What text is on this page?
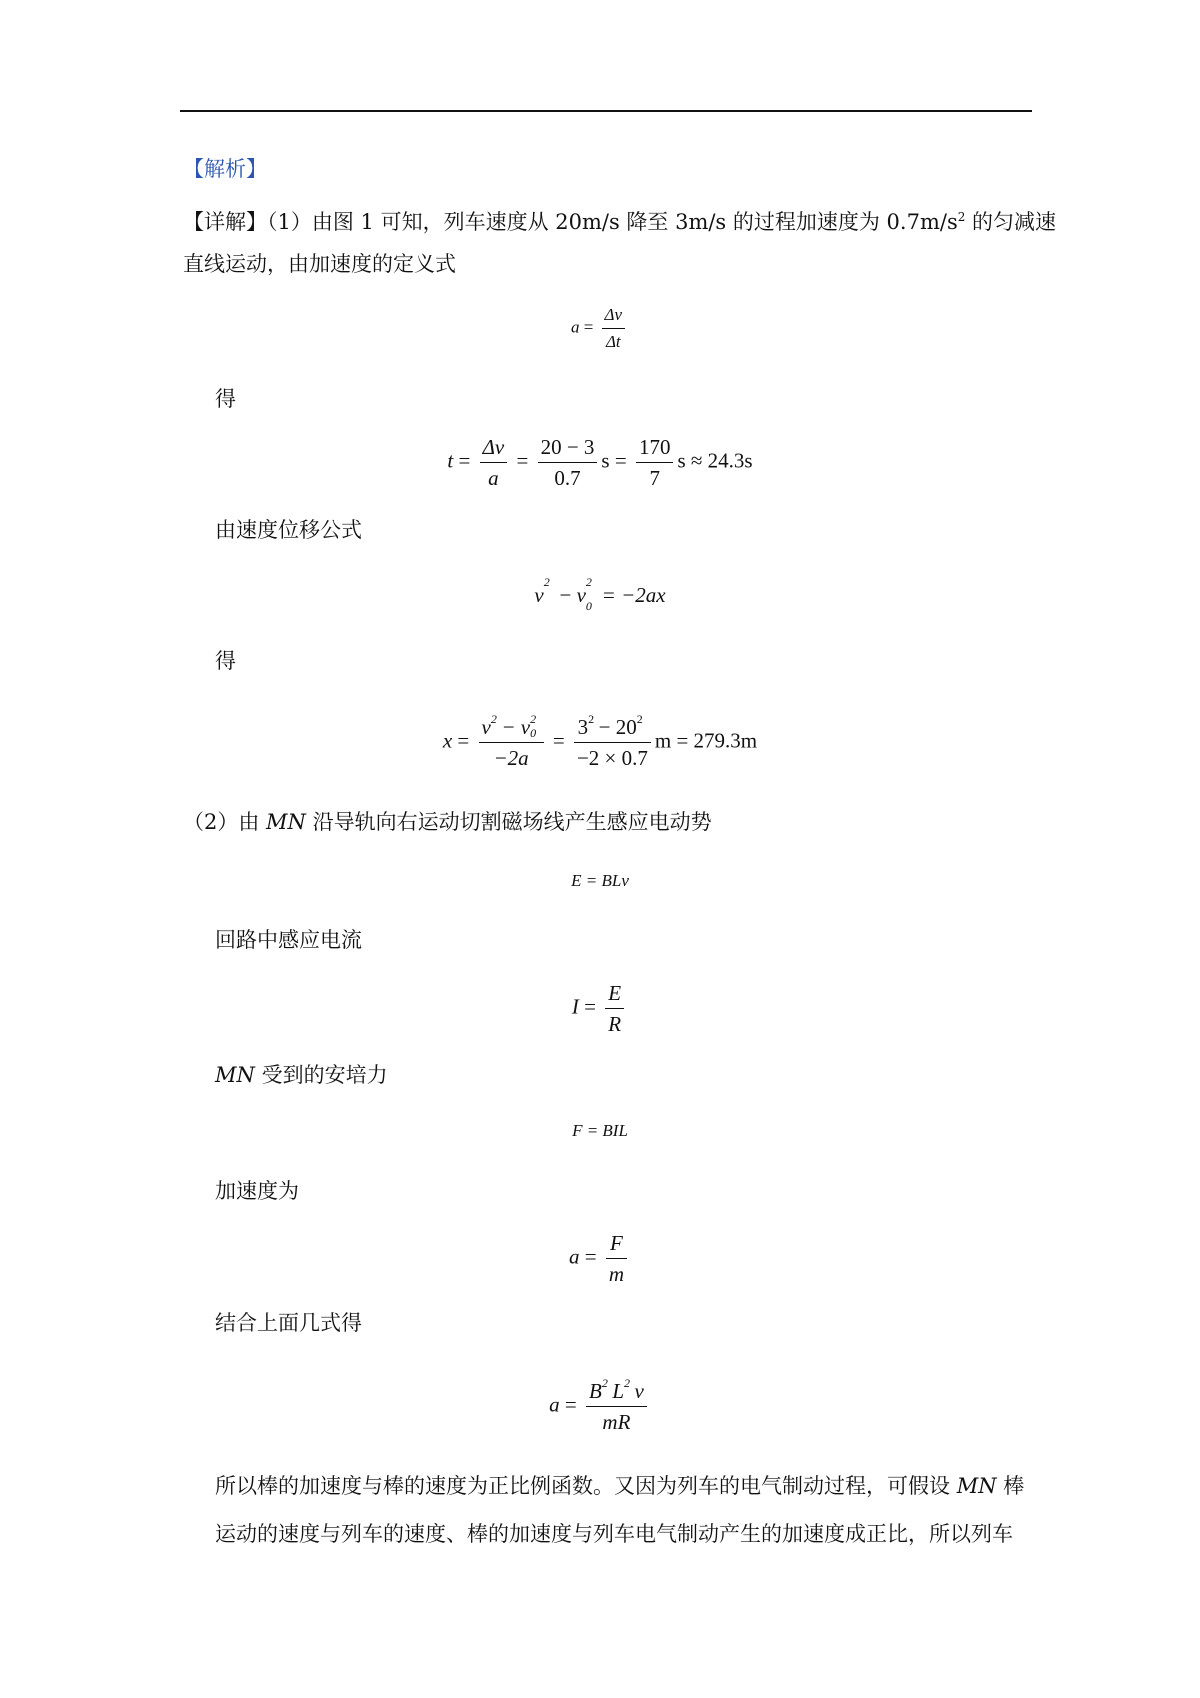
【解析】
【详解】（1）由图 1 可知，列车速度从 20m/s 降至 3m/s 的过程加速度为 $0.7m/s^2$ 的匀减速
直线运动，由加速度的定义式
$a = \frac{\Delta v}{\Delta t}$
得
$t = \frac{\Delta v}{a} = \frac{20 - 3}{0.7}$ $s = \frac{170}{7}$ s ≈ 24.3s
由速度位移公式
v
2
− v
2
0 = −2ax
得
x = v 2 − v 2
0

$-2a = \frac{3 2 - 20 2}{-2 \times 0.7}$ m = 279.3m
（2）由 MN 沿导轨向右运动切割磁场线产生感应电动势
E = BLv
回路中感应电流
$I = \frac{E}{R}$
MN 受到的安培力
F = BIL
加速度为
$a = \frac{F}{m}$
结合上面几式得
$a = \frac{B 2 L 2 v}{mR}$
所以棒的加速度与棒的速度为正比例函数。又因为列车的电气制动过程，可假设 MN 棒
运动的速度与列车的速度、棒的加速度与列车电气制动产生的加速度成正比，所以列车
